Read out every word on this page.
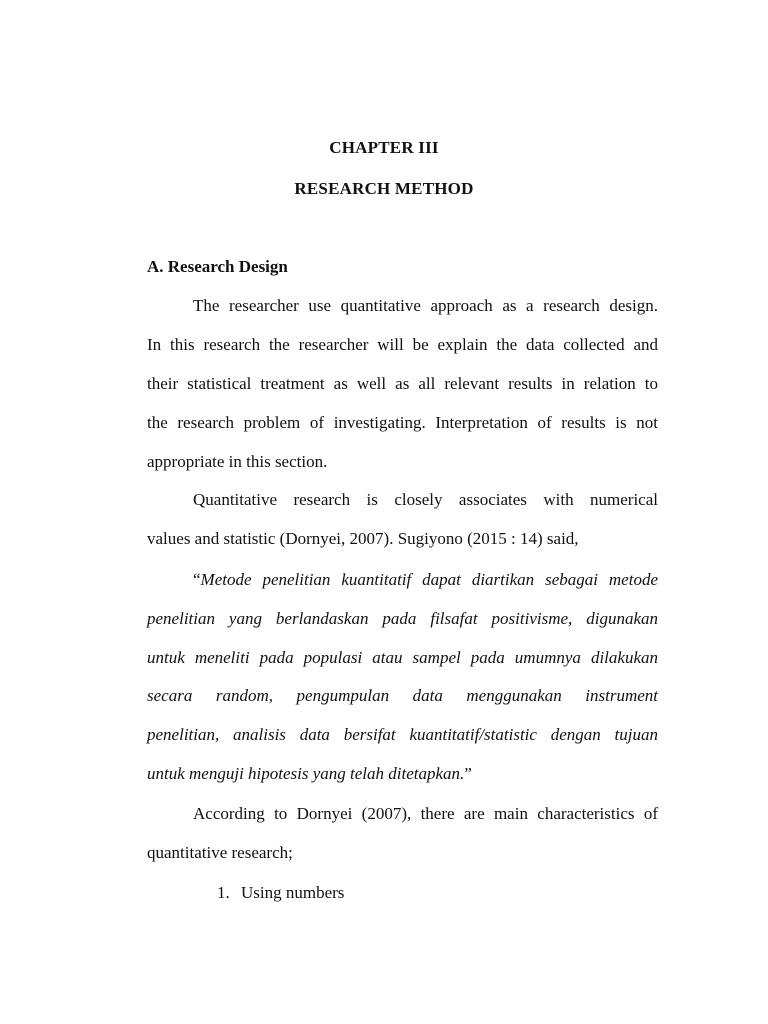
CHAPTER III
RESEARCH METHOD
A. Research Design
The researcher use quantitative approach as a research design.
In this research the researcher will be explain the data collected and
their statistical treatment as well as all relevant results in relation to
the research problem of investigating. Interpretation of results is not
appropriate in this section.
Quantitative research is closely associates with numerical
values and statistic (Dornyei, 2007). Sugiyono (2015 : 14) said,
“Metode penelitian kuantitatif dapat diartikan sebagai metode
penelitian yang berlandaskan pada filsafat positivisme, digunakan
untuk meneliti pada populasi atau sampel pada umumnya dilakukan
secara random, pengumpulan data menggunakan instrument
penelitian, analisis data bersifat kuantitatif/statistic dengan tujuan
untuk menguji hipotesis yang telah ditetapkan.”
According to Dornyei (2007), there are main characteristics of
quantitative research;
1. Using numbers
